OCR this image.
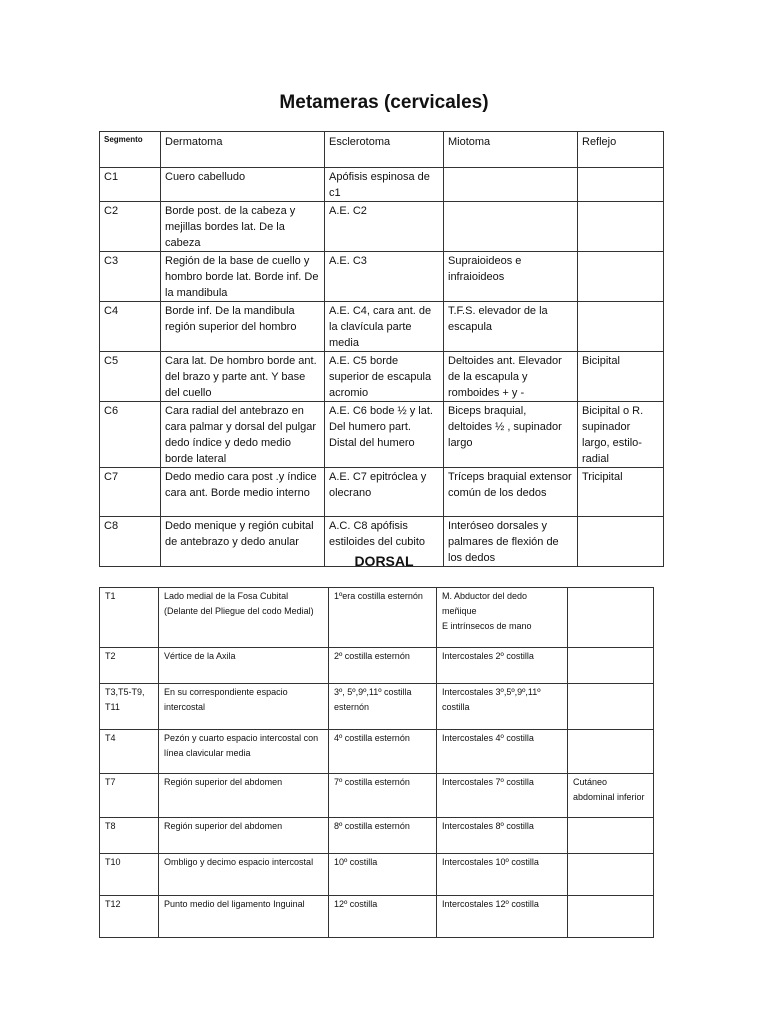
Metameras (cervicales)
Segmento	Dermatoma	Esclerotoma	Miotoma	Reflejo
C1	Cuero cabelludo	Apófisis espinosa de c1		
C2	Borde post. de la cabeza y mejillas bordes lat. De la cabeza	A.E. C2		
C3	Región de la base de cuello y hombro borde lat. Borde inf. De la mandibula	A.E. C3	Supraioideos e infraioideos	
C4	Borde inf. De la mandibula región superior del hombro	A.E. C4, cara ant. de la clavícula parte media	T.F.S. elevador de la escapula	
C5	Cara lat. De hombro borde ant. del brazo y parte ant. Y base del cuello	A.E. C5 borde superior de escapula acromio	Deltoides ant. Elevador de la escapula y romboides + y -	Bicipital
C6	Cara radial del antebrazo en cara palmar y dorsal del pulgar dedo índice y dedo medio borde lateral	A.E. C6 bode ½ y lat. Del humero part. Distal del humero	Biceps braquial, deltoides ½ , supinador largo	Bicipital o R. supinador largo, estilo-radial
C7	Dedo medio cara post .y índice cara ant. Borde medio interno	A.E. C7 epitróclea y olecrano	Tríceps braquial extensor común de los dedos	Tricipital
C8	Dedo menique y región cubital de antebrazo y dedo anular	A.C. C8 apófisis estiloides del cubito	Interóseo dorsales y palmares de flexión de los dedos	
DORSAL
T1	Lado medial de la Fosa Cubital (Delante del Pliegue del codo Medial)	1ºera costilla esternón	M. Abductor del dedo meñique
E intrínsecos de mano	
T2	Vértice de la Axila	2º costilla esternón	Intercostales 2º costilla	
T3,T5-T9, T11	En su correspondiente espacio intercostal	3º, 5º,9º,11º costilla esternón	Intercostales 3º,5º,9º,11º costilla	
T4	Pezón y cuarto espacio intercostal con línea clavicular media	4º costilla esternón	Intercostales 4º costilla	
T7	Región superior del abdomen	7º costilla esternón	Intercostales 7º costilla	Cutáneo abdominal inferior
T8	Región superior del abdomen	8º costilla esternón	Intercostales 8º costilla	
T10	Ombligo y decimo espacio intercostal	10º costilla	Intercostales 10º costilla	
T12	Punto medio del ligamento Inguinal	12º costilla	Intercostales 12º costilla	
